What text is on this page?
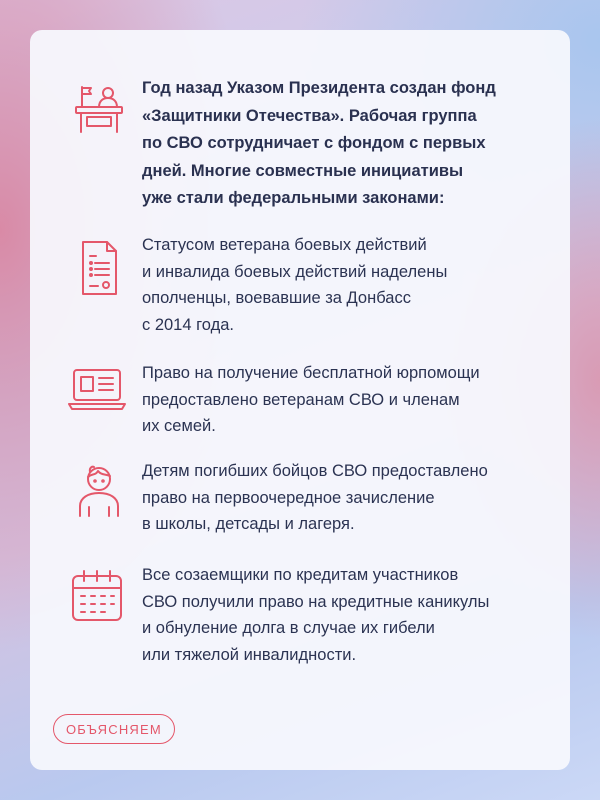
Год назад Указом Президента создан фонд
«Защитники Отечества». Рабочая группа
по СВО сотрудничает с фондом с первых
дней. Многие совместные инициативы
уже стали федеральными законами:

Статусом ветерана боевых действий
и инвалида боевых действий наделены
ополченцы, воевавшие за Донбасс
с 2014 года.

Право на получение бесплатной юрпомощи
предоставлено ветеранам СВО и членам
их семей.

Детям погибших бойцов СВО предоставлено
право на первоочередное зачисление
в школы, детсады и лагеря.

Все созаемщики по кредитам участников
СВО получили право на кредитные каникулы
и обнуление долга в случае их гибели
или тяжелой инвалидности.

ОБЪЯСНЯЕМ
